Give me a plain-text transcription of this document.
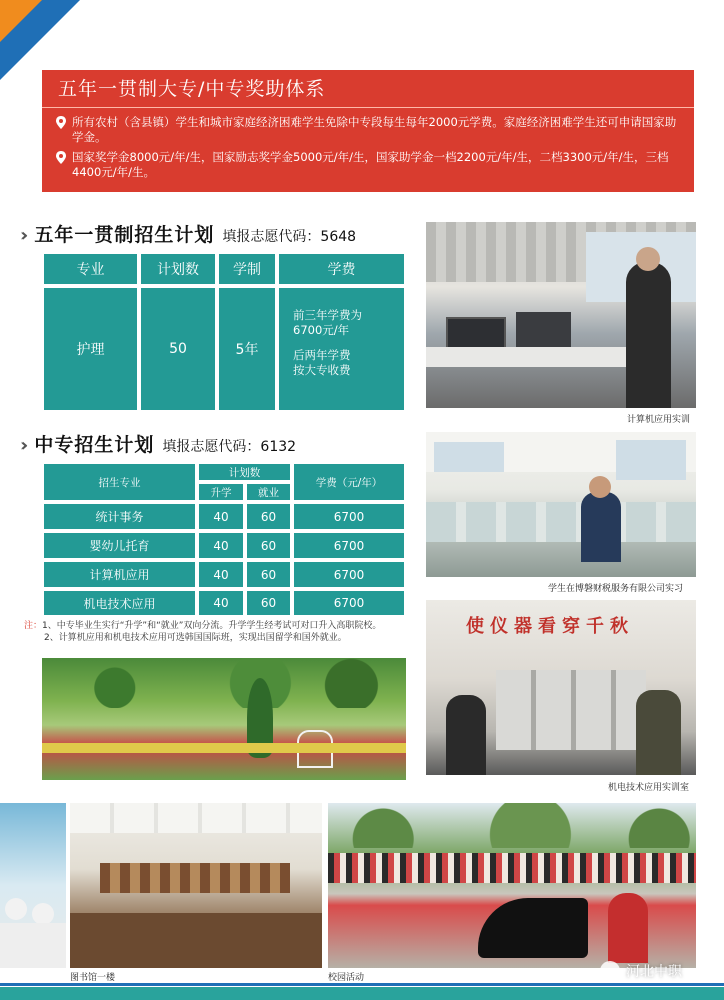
五年一贯制大专/中专奖助体系
所有农村（含县镇）学生和城市家庭经济困难学生免除中专段每生每年2000元学费。家庭经济困难学生还可申请国家助学金。
国家奖学金8000元/年/生，国家励志奖学金5000元/年/生，国家助学金一档2200元/年/生，二档3300元/年/生，三档4400元/年/生。
›› 五年一贯制招生计划 填报志愿代码：5648
专业	计划数	学制	学费
护理	50	5年
前三年学费为
6700元/年
后两年学费
按大专收费
›› 中专招生计划 填报志愿代码：6132
招生专业
计划数
升学	就业
学费（元/年）
统计事务	40	60	6700
婴幼儿托育	40	60	6700
计算机应用	40	60	6700
机电技术应用	40	60	6700

注：1、中专毕业生实行“升学”和“就业”双向分流。升学学生经考试可对口升入高职院校。

2、计算机应用和机电技术应用可选韩国国际班，实现出国留学和国外就业。

计算机应用实训
学生在博磐财税服务有限公司实习
使仪器看穿千秋
机电技术应用实训室
图书馆一楼	校园活动	河北中职
